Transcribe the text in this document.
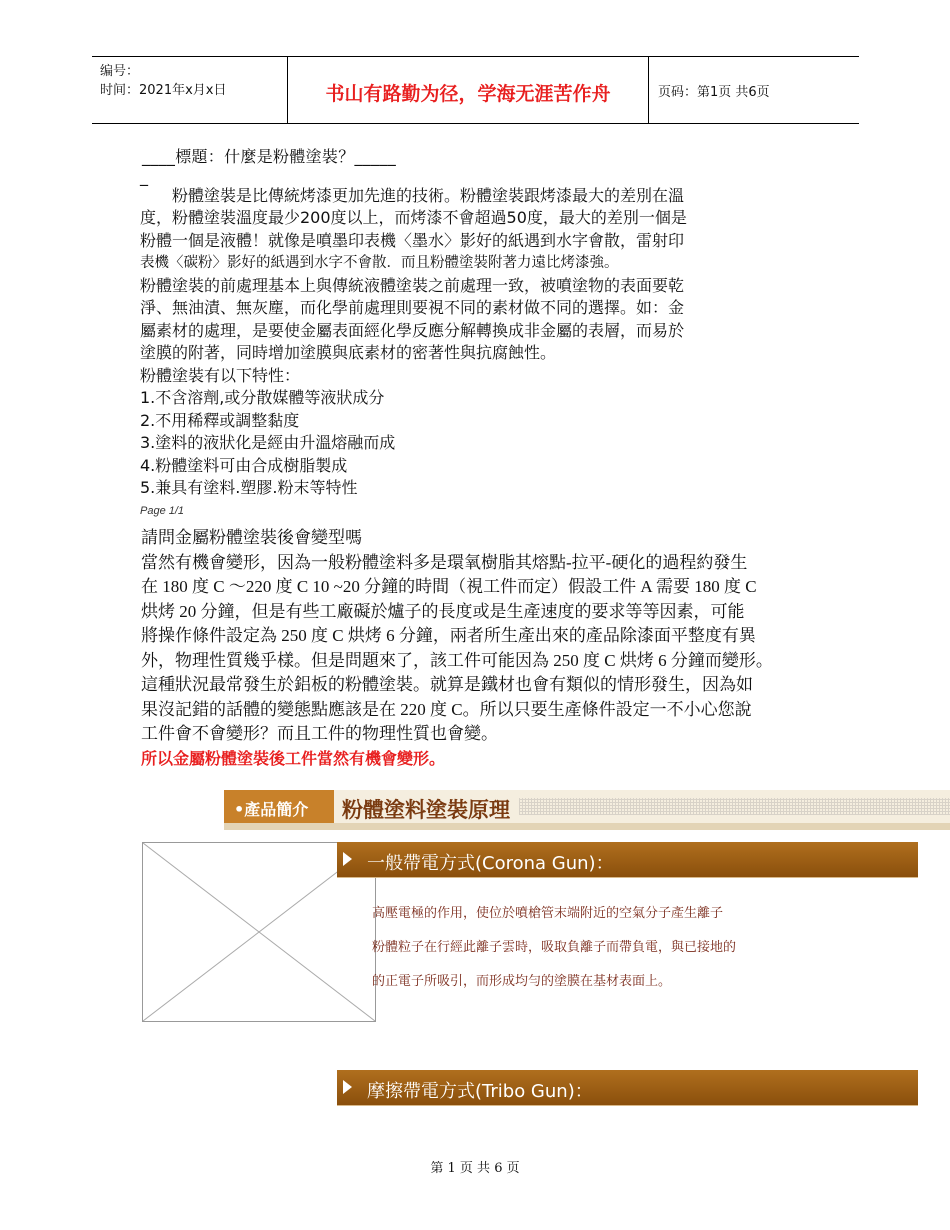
编号：
时间：2021年x月x日	书山有路勤为径，学海无涯苦作舟	页码：第1页 共6页

____標題：什麼是粉體塗裝？_____

_

　　粉體塗裝是比傳統烤漆更加先進的技術。粉體塗裝跟烤漆最大的差別在溫

度，粉體塗裝溫度最少200度以上，而烤漆不會超過50度，最大的差別一個是

粉體一個是液體！就像是噴墨印表機〈墨水〉影好的紙遇到水字會散，雷射印

表機〈碳粉〉影好的紙遇到水字不會散．而且粉體塗裝附著力遠比烤漆強。

粉體塗裝的前處理基本上與傳統液體塗裝之前處理一致，被噴塗物的表面要乾

淨、無油漬、無灰塵，而化學前處理則要視不同的素材做不同的選擇。如：金

屬素材的處理，是要使金屬表面經化學反應分解轉換成非金屬的表層，而易於

塗膜的附著，同時增加塗膜與底素材的密著性與抗腐蝕性。

粉體塗裝有以下特性：

1.不含溶劑,或分散媒體等液狀成分

2.不用稀釋或調整黏度

3.塗料的液狀化是經由升溫熔融而成

4.粉體塗料可由合成樹脂製成

5.兼具有塗料.塑膠.粉末等特性

Page 1/1

請問金屬粉體塗裝後會變型嗎

當然有機會變形，因為一般粉體塗料多是環氧樹脂其熔點-拉平-硬化的過程約發生

在 180 度 C ～220 度 C 10 ~20 分鐘的時間（視工件而定）假設工件 A 需要 180 度 C

烘烤 20 分鐘，但是有些工廠礙於爐子的長度或是生產速度的要求等等因素，可能

將操作條件設定為 250 度 C 烘烤 6 分鐘，兩者所生產出來的產品除漆面平整度有異

外，物理性質幾乎樣。但是問題來了，該工件可能因為 250 度 C 烘烤 6 分鐘而變形。

這種狀況最常發生於鋁板的粉體塗裝。就算是鐵材也會有類似的情形發生，因為如

果沒記錯的話體的變態點應該是在 220 度 C。所以只要生產條件設定一不小心您說

工件會不會變形？而且工件的物理性質也會變。

所以金屬粉體塗裝後工件當然有機會變形。

•產品簡介 粉體塗料塗裝原理
一般帶電方式(Corona Gun)：
高壓電極的作用，使位於噴槍管末端附近的空氣分子產生離子
粉體粒子在行經此離子雲時，吸取負離子而帶負電，與已接地的
的正電子所吸引，而形成均勻的塗膜在基材表面上。
摩擦帶電方式(Tribo Gun)：
第 1 页 共 6 页
